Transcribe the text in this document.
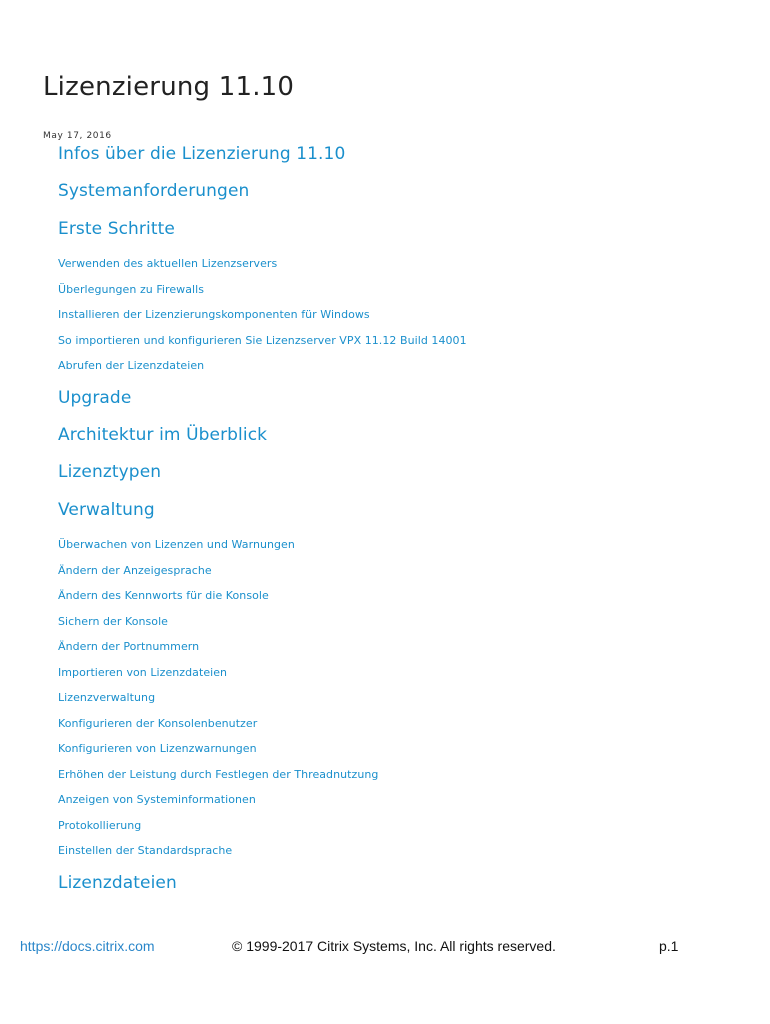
Lizenzierung 11.10
May 17, 2016
Infos über die Lizenzierung 11.10
Systemanforderungen
Erste Schritte
Verwenden des aktuellen Lizenzservers
Überlegungen zu Firewalls
Installieren der Lizenzierungskomponenten für Windows
So importieren und konfigurieren Sie Lizenzserver VPX 11.12 Build 14001
Abrufen der Lizenzdateien
Upgrade
Architektur im Überblick
Lizenztypen
Verwaltung
Überwachen von Lizenzen und Warnungen
Ändern der Anzeigesprache
Ändern des Kennworts für die Konsole
Sichern der Konsole
Ändern der Portnummern
Importieren von Lizenzdateien
Lizenzverwaltung
Konfigurieren der Konsolenbenutzer
Konfigurieren von Lizenzwarnungen
Erhöhen der Leistung durch Festlegen der Threadnutzung
Anzeigen von Systeminformationen
Protokollierung
Einstellen der Standardsprache
Lizenzdateien
https://docs.citrix.com	© 1999-2017 Citrix Systems, Inc. All rights reserved.	p.1
